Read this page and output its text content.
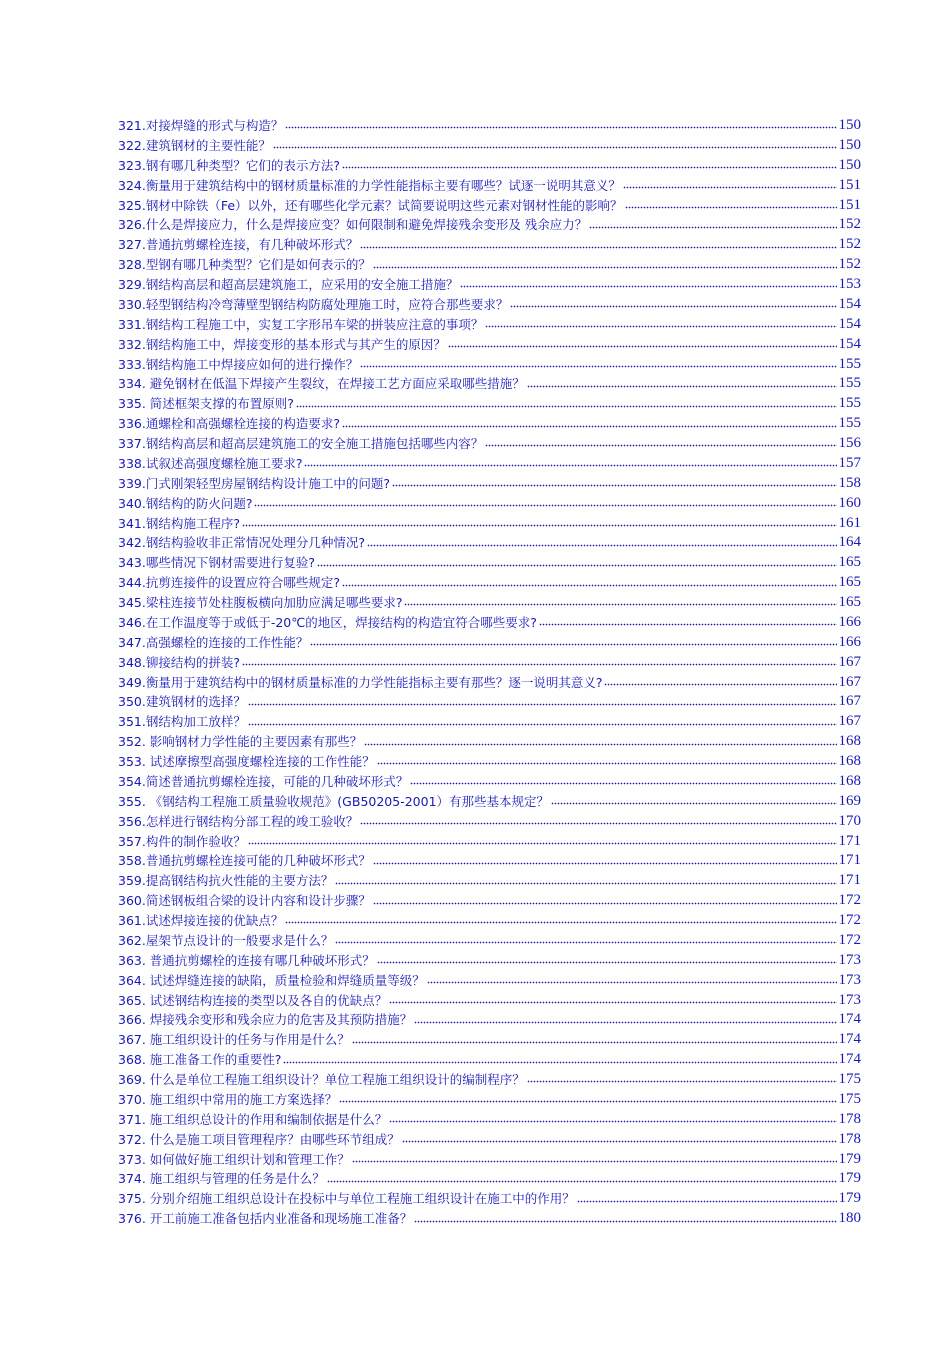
321.对接焊缝的形式与构造？	150
322.建筑钢材的主要性能？	150
323.钢有哪几种类型？它们的表示方法?	150
324.衡量用于建筑结构中的钢材质量标准的力学性能指标主要有哪些？试逐一说明其意义？	151
325.钢材中除铁（Fe）以外，还有哪些化学元素？试简要说明这些元素对钢材性能的影响？	151
326.什么是焊接应力，什么是焊接应变？如何限制和避免焊接残余变形及 残余应力？	152
327.普通抗剪螺栓连接，有几种破坏形式？	152
328.型钢有哪几种类型？它们是如何表示的？	152
329.钢结构高层和超高层建筑施工，应采用的安全施工措施？	153
330.轻型钢结构冷弯薄壁型钢结构防腐处理施工时，应符合那些要求？	154
331.钢结构工程施工中，实复工字形吊车梁的拼装应注意的事项？	154
332.钢结构施工中，焊接变形的基本形式与其产生的原因？	154
333.钢结构施工中焊接应如何的进行操作？	155
334. 避免钢材在低温下焊接产生裂纹，在焊接工艺方面应采取哪些措施？	155
335. 简述框架支撑的布置原则?	155
336.通螺栓和高强螺栓连接的构造要求?	155
337.钢结构高层和超高层建筑施工的安全施工措施包括哪些内容？	156
338.试叙述高强度螺栓施工要求?	157
339.门式刚架轻型房屋钢结构设计施工中的问题?	158
340.钢结构的防火问题?	160
341.钢结构施工程序?	161
342.钢结构验收非正常情况处理分几种情况?	164
343.哪些情况下钢材需要进行复验?	165
344.抗剪连接件的设置应符合哪些规定?	165
345.梁柱连接节处柱腹板横向加肋应满足哪些要求?	165
346.在工作温度等于或低于-20℃的地区，焊接结构的构造宜符合哪些要求?	166
347.高强螺栓的连接的工作性能？	166
348.铆接结构的拼装?	167
349.衡量用于建筑结构中的钢材质量标准的力学性能指标主要有那些？逐一说明其意义?	167
350.建筑钢材的选择？	167
351.钢结构加工放样？	167
352. 影响钢材力学性能的主要因素有那些？	168
353. 试述摩擦型高强度螺栓连接的工作性能？	168
354.简述普通抗剪螺栓连接，可能的几种破坏形式？	168
355. 《钢结构工程施工质量验收规范》(GB50205-2001）有那些基本规定？	169
356.怎样进行钢结构分部工程的竣工验收？	170
357.构件的制作验收？	171
358.普通抗剪螺栓连接可能的几种破坏形式？	171
359.提高钢结构抗火性能的主要方法？	171
360.简述钢板组合梁的设计内容和设计步骤？	172
361.试述焊接连接的优缺点？	172
362.屋架节点设计的一般要求是什么？	172
363. 普通抗剪螺栓的连接有哪几种破坏形式？	173
364. 试述焊缝连接的缺陷，质量检验和焊缝质量等级？	173
365. 试述钢结构连接的类型以及各自的优缺点？	173
366. 焊接残余变形和残余应力的危害及其预防措施？	174
367. 施工组织设计的任务与作用是什么？	174
368. 施工准备工作的重要性?	174
369. 什么是单位工程施工组织设计？单位工程施工组织设计的编制程序？	175
370. 施工组织中常用的施工方案选择？	175
371. 施工组织总设计的作用和编制依据是什么？	178
372. 什么是施工项目管理程序？由哪些环节组成？	178
373. 如何做好施工组织计划和管理工作？	179
374. 施工组织与管理的任务是什么？	179
375. 分别介绍施工组织总设计在投标中与单位工程施工组织设计在施工中的作用？	179
376. 开工前施工准备包括内业准备和现场施工准备？	180
